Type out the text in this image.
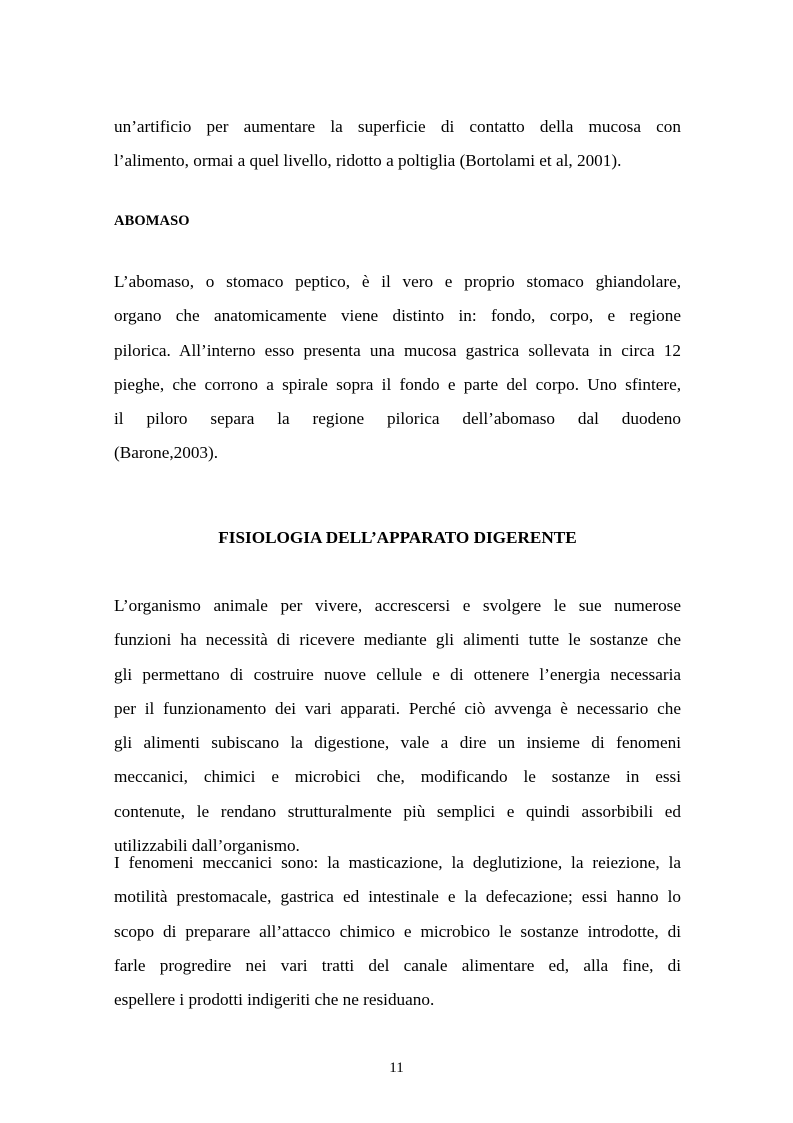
un’artificio per aumentare la superficie di contatto della mucosa con
l’alimento, ormai a quel livello, ridotto a poltiglia (Bortolami et al, 2001).

ABOMASO

L’abomaso, o stomaco peptico, è il vero e proprio stomaco ghiandolare,
organo che anatomicamente viene distinto in: fondo, corpo, e regione
pilorica. All’interno esso presenta una mucosa gastrica sollevata in circa 12
pieghe, che corrono a spirale sopra il fondo e parte del corpo. Uno sfintere,
il piloro separa la regione pilorica dell’abomaso dal duodeno
(Barone,2003).

FISIOLOGIA DELL’APPARATO DIGERENTE

L’organismo animale per vivere, accrescersi e svolgere le sue numerose
funzioni ha necessità di ricevere mediante gli alimenti tutte le sostanze che
gli permettano di costruire nuove cellule e di ottenere l’energia necessaria
per il funzionamento dei vari apparati. Perché ciò avvenga è necessario che
gli alimenti subiscano la digestione, vale a dire un insieme di fenomeni
meccanici, chimici e microbici che, modificando le sostanze in essi
contenute, le rendano strutturalmente più semplici e quindi assorbibili ed
utilizzabili dall’organismo.

I fenomeni meccanici sono: la masticazione, la deglutizione, la reiezione, la
motilità prestomacale, gastrica ed intestinale e la defecazione; essi hanno lo
scopo di preparare all’attacco chimico e microbico le sostanze introdotte, di
farle progredire nei vari tratti del canale alimentare ed, alla fine, di
espellere i prodotti indigeriti che ne residuano.

11
